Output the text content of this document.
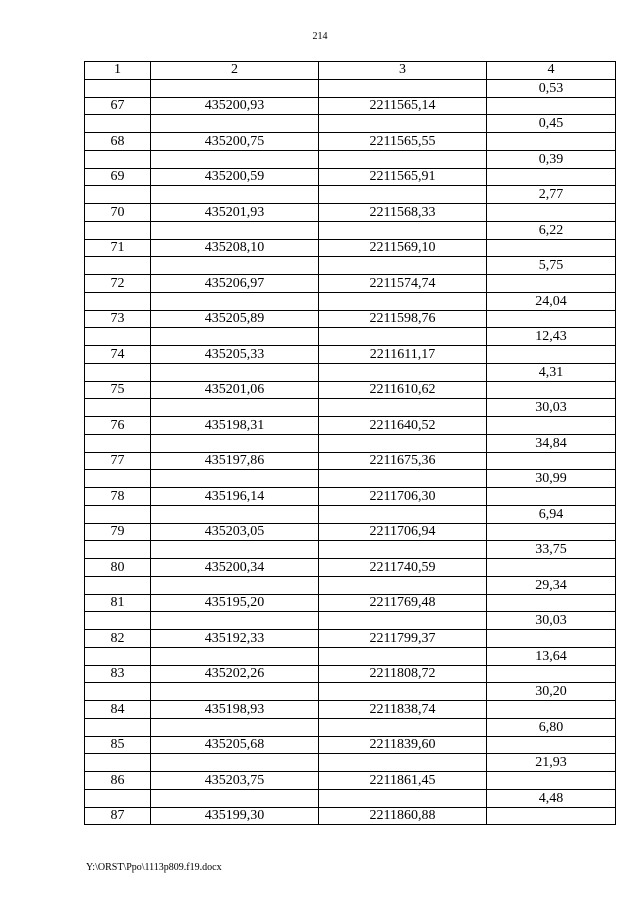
214
1	2	3	4
			0,53
67	435200,93	2211565,14	
			0,45
68	435200,75	2211565,55	
			0,39
69	435200,59	2211565,91	
			2,77
70	435201,93	2211568,33	
			6,22
71	435208,10	2211569,10	
			5,75
72	435206,97	2211574,74	
			24,04
73	435205,89	2211598,76	
			12,43
74	435205,33	2211611,17	
			4,31
75	435201,06	2211610,62	
			30,03
76	435198,31	2211640,52	
			34,84
77	435197,86	2211675,36	
			30,99
78	435196,14	2211706,30	
			6,94
79	435203,05	2211706,94	
			33,75
80	435200,34	2211740,59	
			29,34
81	435195,20	2211769,48	
			30,03
82	435192,33	2211799,37	
			13,64
83	435202,26	2211808,72	
			30,20
84	435198,93	2211838,74	
			6,80
85	435205,68	2211839,60	
			21,93
86	435203,75	2211861,45	
			4,48
87	435199,30	2211860,88	
Y:\ORST\Ppo\1113p809.f19.docx
